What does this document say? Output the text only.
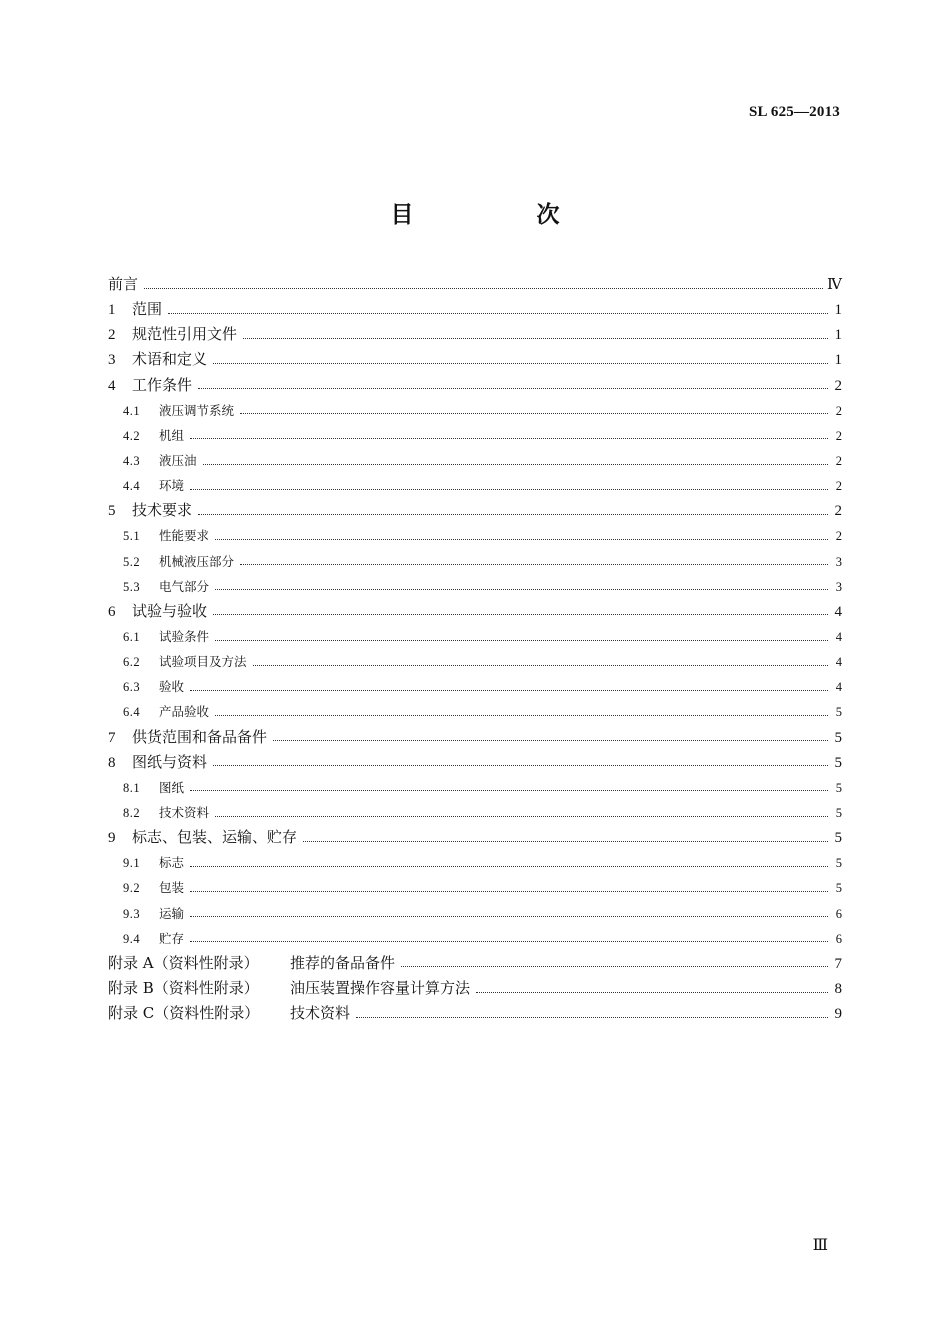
SL 625—2013
目　次
前言	Ⅳ
1	范围	1
2	规范性引用文件	1
3	术语和定义	1
4	工作条件	2
4.1	液压调节系统	2
4.2	机组	2
4.3	液压油	2
4.4	环境	2
5	技术要求	2
5.1	性能要求	2
5.2	机械液压部分	3
5.3	电气部分	3
6	试验与验收	4
6.1	试验条件	4
6.2	试验项目及方法	4
6.3	验收	4
6.4	产品验收	5
7	供货范围和备品备件	5
8	图纸与资料	5
8.1	图纸	5
8.2	技术资料	5
9	标志、包装、运输、贮存	5
9.1	标志	5
9.2	包装	5
9.3	运输	6
9.4	贮存	6
附录 A（资料性附录）	推荐的备品备件	7
附录 B（资料性附录）	油压装置操作容量计算方法	8
附录 C（资料性附录）	技术资料	9
Ⅲ
